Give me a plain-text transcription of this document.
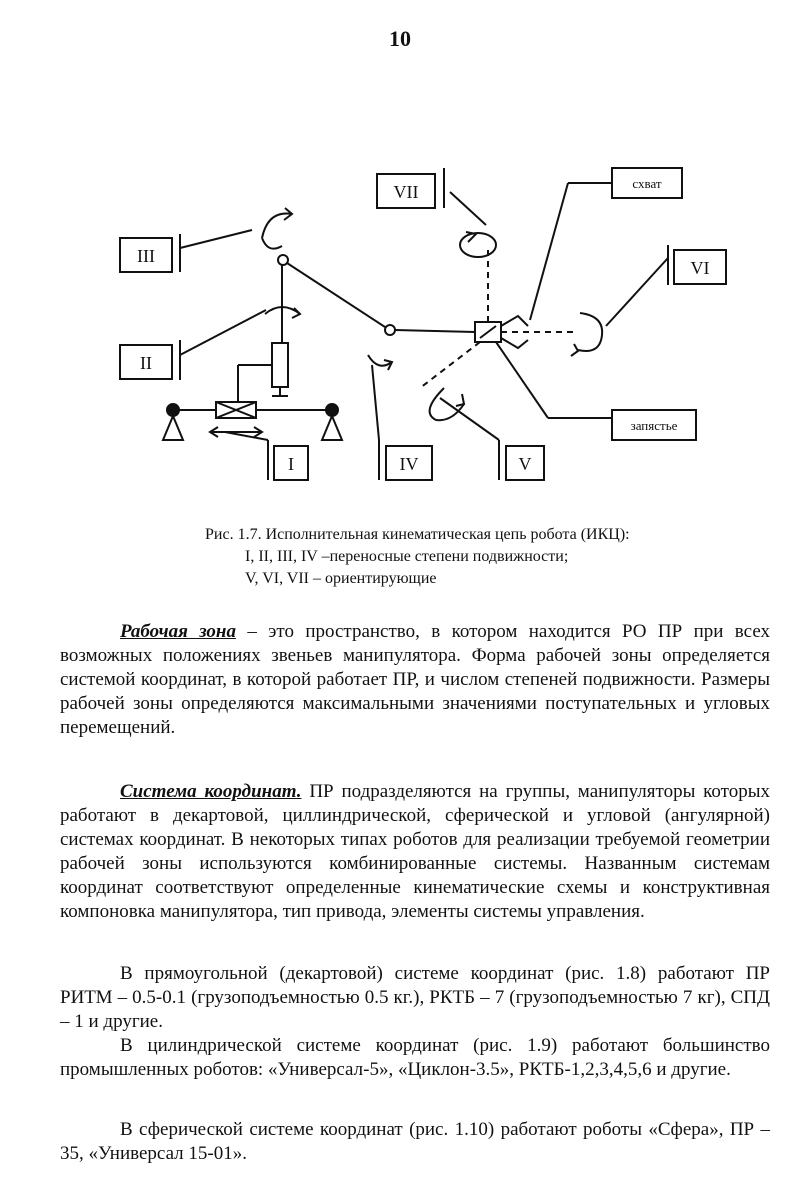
10
III
II
VII
VI
I	IV	V
схват
запястье
Рис. 1.7. Исполнительная кинематическая цепь робота (ИКЦ):
I, II, III, IV –переносные степени подвижности;
V, VI, VII – ориентирующие

Рабочая зона – это пространство, в котором находится РО ПР при всех возможных положениях звеньев манипулятора. Форма рабочей зоны определяется системой координат, в которой работает ПР, и числом степеней подвижности. Размеры рабочей зоны определяются максимальными значениями поступательных и угловых перемещений.

Система координат. ПР подразделяются на группы, манипуляторы которых работают в декартовой, циллиндрической, сферической и угловой (ангулярной) системах координат. В некоторых типах роботов для реализации требуемой геометрии рабочей зоны используются комбинированные системы. Названным системам координат соответствуют определенные кинематические схемы и конструктивная компоновка манипулятора, тип привода, элементы системы управления.

В прямоугольной (декартовой) системе координат (рис. 1.8) работают ПР РИТМ – 0.5-0.1 (грузоподъемностью 0.5 кг.), РКТБ – 7 (грузоподъемностью 7 кг), СПД – 1 и другие.

В цилиндрической системе координат (рис. 1.9) работают большинство промышленных роботов: «Универсал-5», «Циклон-3.5», РКТБ-1,2,3,4,5,6 и другие.

В сферической системе координат (рис. 1.10) работают роботы «Сфера», ПР – 35, «Универсал 15-01».
